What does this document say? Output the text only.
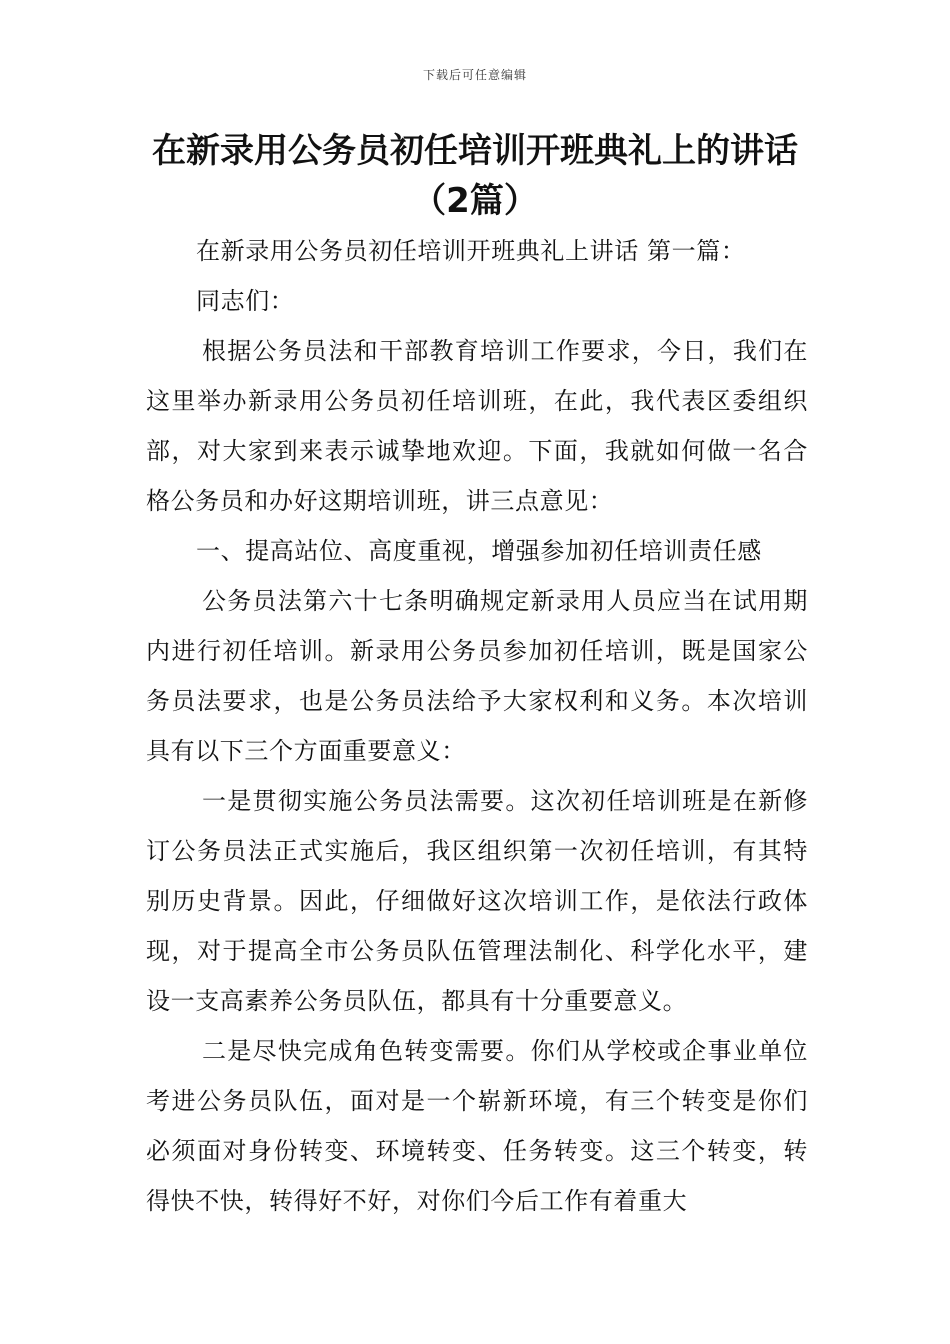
下载后可任意编辑
在新录用公务员初任培训开班典礼上的讲话（2篇）

在新录用公务员初任培训开班典礼上讲话 第一篇：

同志们：

根据公务员法和干部教育培训工作要求，今日，我们在这里举办新录用公务员初任培训班，在此，我代表区委组织部，对大家到来表示诚挚地欢迎。下面，我就如何做一名合格公务员和办好这期培训班，讲三点意见：

一、提高站位、高度重视，增强参加初任培训责任感

公务员法第六十七条明确规定新录用人员应当在试用期内进行初任培训。新录用公务员参加初任培训，既是国家公务员法要求，也是公务员法给予大家权利和义务。本次培训具有以下三个方面重要意义：

一是贯彻实施公务员法需要。这次初任培训班是在新修订公务员法正式实施后，我区组织第一次初任培训，有其特别历史背景。因此，仔细做好这次培训工作，是依法行政体现，对于提高全市公务员队伍管理法制化、科学化水平，建设一支高素养公务员队伍，都具有十分重要意义。

二是尽快完成角色转变需要。你们从学校或企事业单位考进公务员队伍，面对是一个崭新环境，有三个转变是你们必须面对身份转变、环境转变、任务转变。这三个转变，转得快不快，转得好不好，对你们今后工作有着重大
